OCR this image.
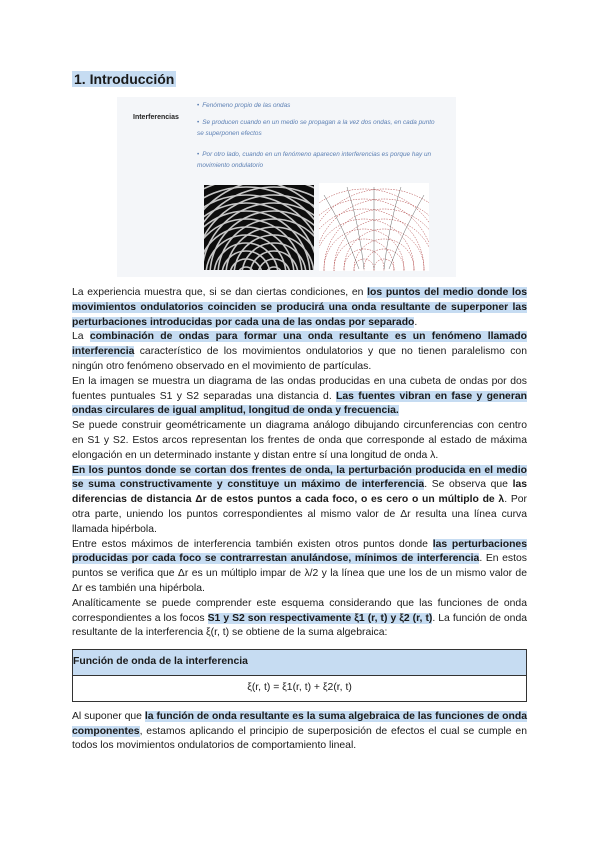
1. Introducción
Interferencias
• Fenómeno propio de las ondas
• Se producen cuando en un medio se propagan a la vez dos ondas, en cada punto se superponen efectos
• Por otro lado, cuando en un fenómeno aparecen interferencias es porque hay un movimiento ondulatorio

La experiencia muestra que, si se dan ciertas condiciones, en los puntos del medio donde los movimientos ondulatorios coinciden se producirá una onda resultante de superponer las perturbaciones introducidas por cada una de las ondas por separado.

La combinación de ondas para formar una onda resultante es un fenómeno llamado interferencia característico de los movimientos ondulatorios y que no tienen paralelismo con ningún otro fenómeno observado en el movimiento de partículas.

En la imagen se muestra un diagrama de las ondas producidas en una cubeta de ondas por dos fuentes puntuales S1 y S2 separadas una distancia d. Las fuentes vibran en fase y generan ondas circulares de igual amplitud, longitud de onda y frecuencia.

Se puede construir geométricamente un diagrama análogo dibujando circunferencias con centro en S1 y S2. Estos arcos representan los frentes de onda que corresponde al estado de máxima elongación en un determinado instante y distan entre sí una longitud de onda λ.

En los puntos donde se cortan dos frentes de onda, la perturbación producida en el medio se suma constructivamente y constituye un máximo de interferencia. Se observa que las diferencias de distancia Δr de estos puntos a cada foco, o es cero o un múltiplo de λ. Por otra parte, uniendo los puntos correspondientes al mismo valor de Δr resulta una línea curva llamada hipérbola.

Entre estos máximos de interferencia también existen otros puntos donde las perturbaciones producidas por cada foco se contrarrestan anulándose, mínimos de interferencia. En estos puntos se verifica que Δr es un múltiplo impar de λ/2 y la línea que une los de un mismo valor de Δr es también una hipérbola.

Analíticamente se puede comprender este esquema considerando que las funciones de onda correspondientes a los focos S1 y S2 son respectivamente ξ1 (r, t) y ξ2 (r, t). La función de onda resultante de la interferencia ξ(r, t) se obtiene de la suma algebraica:

Función de onda de la interferencia
ξ(r, t) = ξ1(r, t) + ξ2(r, t)

Al suponer que la función de onda resultante es la suma algebraica de las funciones de onda componentes, estamos aplicando el principio de superposición de efectos el cual se cumple en todos los movimientos ondulatorios de comportamiento lineal.
